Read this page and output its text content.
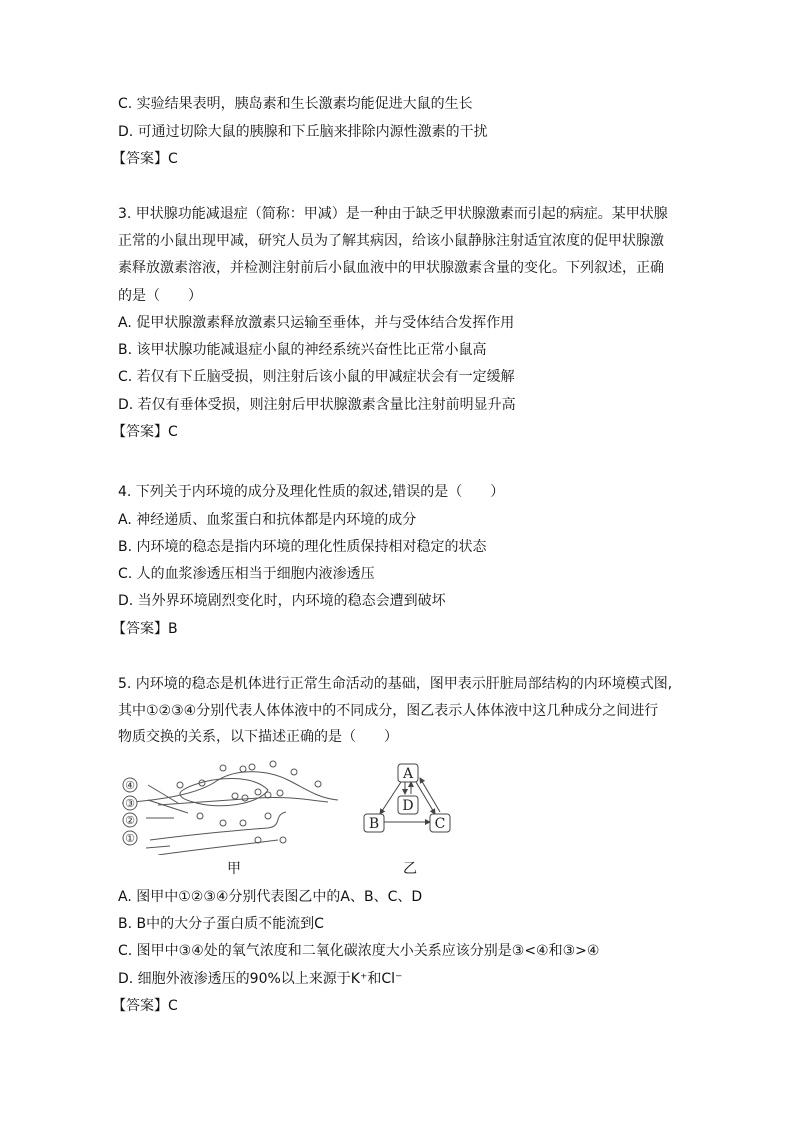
C. 实验结果表明，胰岛素和生长激素均能促进大鼠的生长
D. 可通过切除大鼠的胰腺和下丘脑来排除内源性激素的干扰
【答案】C
3. 甲状腺功能减退症（简称：甲减）是一种由于缺乏甲状腺激素而引起的病症。某甲状腺
正常的小鼠出现甲减，研究人员为了解其病因，给该小鼠静脉注射适宜浓度的促甲状腺激
素释放激素溶液，并检测注射前后小鼠血液中的甲状腺激素含量的变化。下列叙述，正确
的是（　　）
A. 促甲状腺激素释放激素只运输至垂体，并与受体结合发挥作用
B. 该甲状腺功能减退症小鼠的神经系统兴奋性比正常小鼠高
C. 若仅有下丘脑受损，则注射后该小鼠的甲减症状会有一定缓解
D. 若仅有垂体受损，则注射后甲状腺激素含量比注射前明显升高
【答案】C
4. 下列关于内环境的成分及理化性质的叙述,错误的是（　　）
A. 神经递质、血浆蛋白和抗体都是内环境的成分
B. 内环境的稳态是指内环境的理化性质保持相对稳定的状态
C. 人的血浆渗透压相当于细胞内液渗透压
D. 当外界环境剧烈变化时，内环境的稳态会遭到破坏
【答案】B
5. 内环境的稳态是机体进行正常生命活动的基础，图甲表示肝脏局部结构的内环境模式图,
其中①②③④分别代表人体体液中的不同成分，图乙表示人体体液中这几种成分之间进行
物质交换的关系，以下描述正确的是（　　）
④
③
②
①
甲
A
D
B	C
乙
A. 图甲中①②③④分别代表图乙中的A、B、C、D
B. B中的大分子蛋白质不能流到C
C. 图甲中③④处的氧气浓度和二氧化碳浓度大小关系应该分别是③<④和③>④
D. 细胞外液渗透压的90%以上来源于K⁺和Cl⁻
【答案】C
